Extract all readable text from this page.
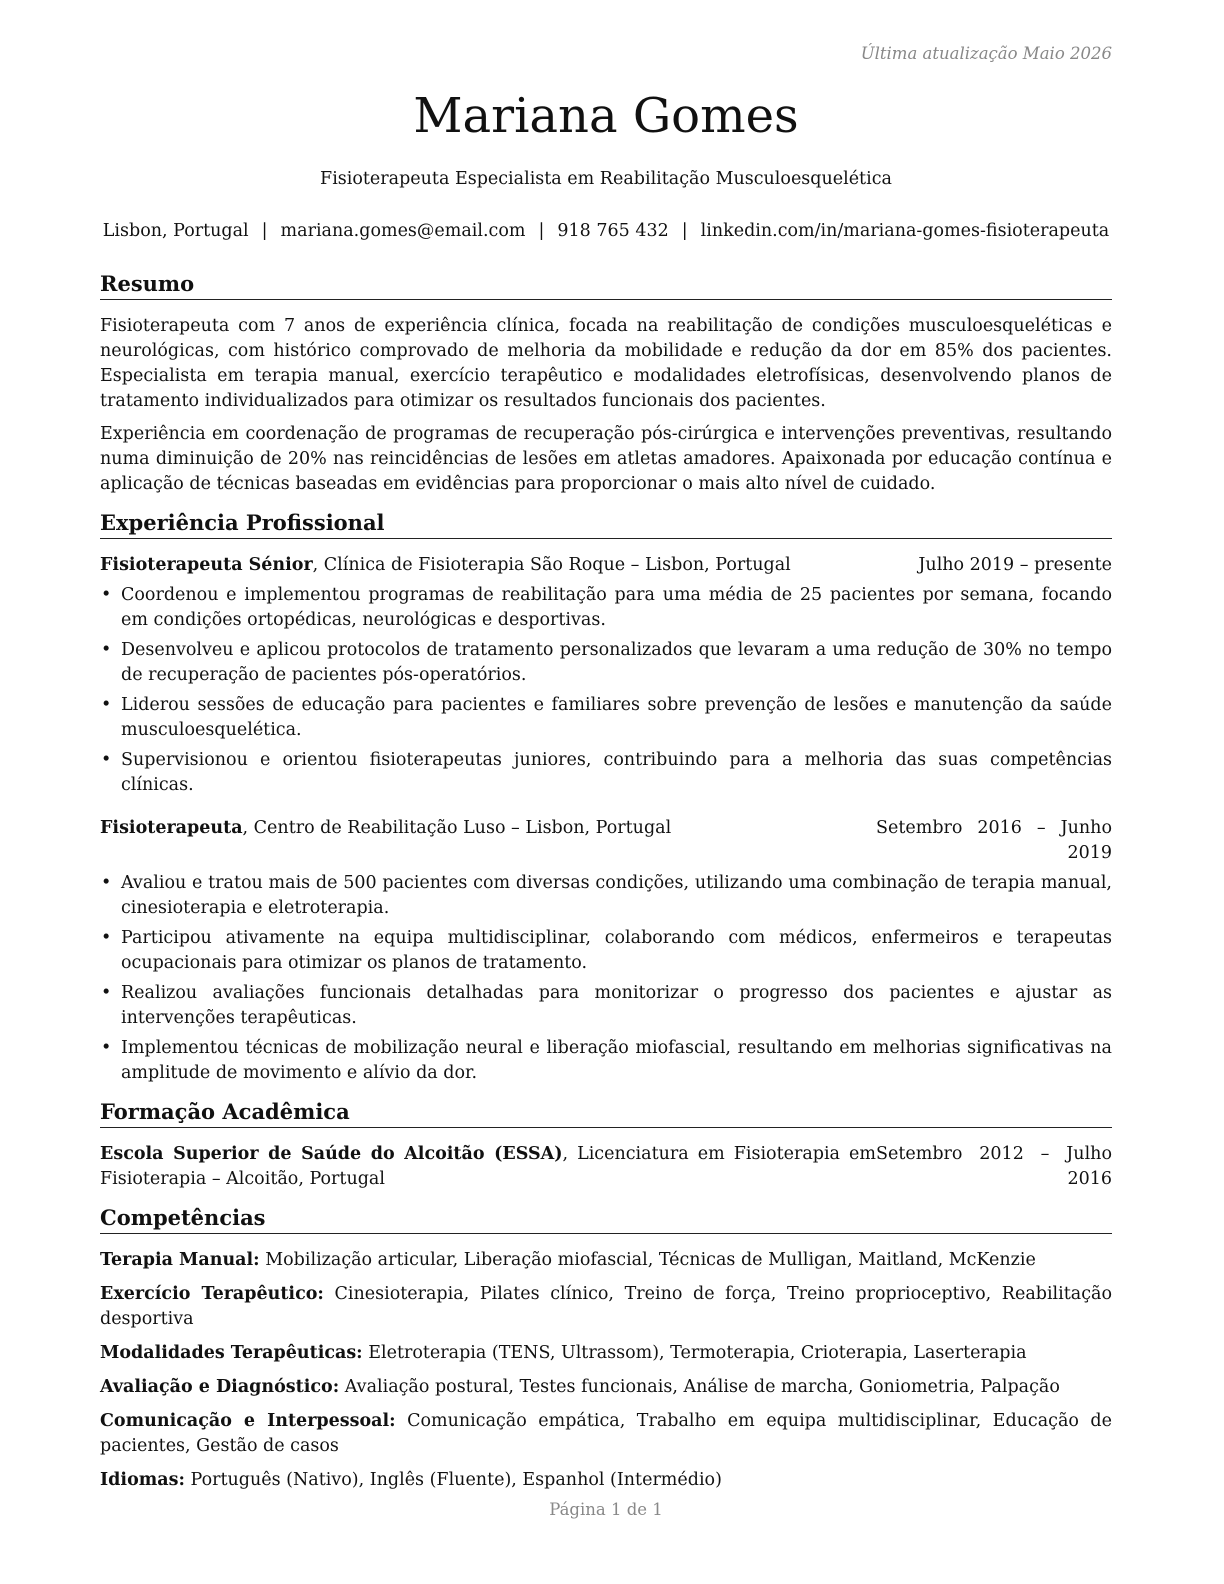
Última atualização Maio 2026
Mariana Gomes
Fisioterapeuta Especialista em Reabilitação Musculoesquelética
Lisbon, Portugal | mariana.gomes@email.com | 918 765 432 | linkedin.com/in/mariana-gomes-fisioterapeuta
Resumo

Fisioterapeuta com 7 anos de experiência clínica, focada na reabilitação de condições musculoesqueléticas e neurológicas, com histórico comprovado de melhoria da mobilidade e redução da dor em 85% dos pacientes. Especialista em terapia manual, exercício terapêutico e modalidades eletrofísicas, desenvolvendo planos de tratamento individualizados para otimizar os resultados funcionais dos pacientes.

Experiência em coordenação de programas de recuperação pós-cirúrgica e intervenções preventivas, resultando numa diminuição de 20% nas reincidências de lesões em atletas amadores. Apaixonada por educação contínua e aplicação de técnicas baseadas em evidências para proporcionar o mais alto nível de cuidado.

Experiência Profissional
Fisioterapeuta Sénior, Clínica de Fisioterapia São Roque – Lisbon, Portugal	Julho 2019 – presente
• Coordenou e implementou programas de reabilitação para uma média de 25 pacientes por semana, focando em condições ortopédicas, neurológicas e desportivas.
• Desenvolveu e aplicou protocolos de tratamento personalizados que levaram a uma redução de 30% no tempo de recuperação de pacientes pós-operatórios.
• Liderou sessões de educação para pacientes e familiares sobre prevenção de lesões e manutenção da saúde musculoesquelética.
• Supervisionou e orientou fisioterapeutas juniores, contribuindo para a melhoria das suas competências clínicas.
Fisioterapeuta, Centro de Reabilitação Luso – Lisbon, Portugal	Setembro 2016 – Junho 2019
• Avaliou e tratou mais de 500 pacientes com diversas condições, utilizando uma combinação de terapia manual, cinesioterapia e eletroterapia.
• Participou ativamente na equipa multidisciplinar, colaborando com médicos, enfermeiros e terapeutas ocupacionais para otimizar os planos de tratamento.
• Realizou avaliações funcionais detalhadas para monitorizar o progresso dos pacientes e ajustar as intervenções terapêuticas.
• Implementou técnicas de mobilização neural e liberação miofascial, resultando em melhorias significativas na amplitude de movimento e alívio da dor.
Formação Acadêmica
Escola Superior de Saúde do Alcoitão (ESSA), Licenciatura em Fisioterapia em Fisioterapia – Alcoitão, Portugal
Setembro 2012 – Julho 2016
Competências
Terapia Manual: Mobilização articular, Liberação miofascial, Técnicas de Mulligan, Maitland, McKenzie
Exercício Terapêutico: Cinesioterapia, Pilates clínico, Treino de força, Treino proprioceptivo, Reabilitação desportiva
Modalidades Terapêuticas: Eletroterapia (TENS, Ultrassom), Termoterapia, Crioterapia, Laserterapia
Avaliação e Diagnóstico: Avaliação postural, Testes funcionais, Análise de marcha, Goniometria, Palpação
Comunicação e Interpessoal: Comunicação empática, Trabalho em equipa multidisciplinar, Educação de pacientes, Gestão de casos
Idiomas: Português (Nativo), Inglês (Fluente), Espanhol (Intermédio)
Página 1 de 1
